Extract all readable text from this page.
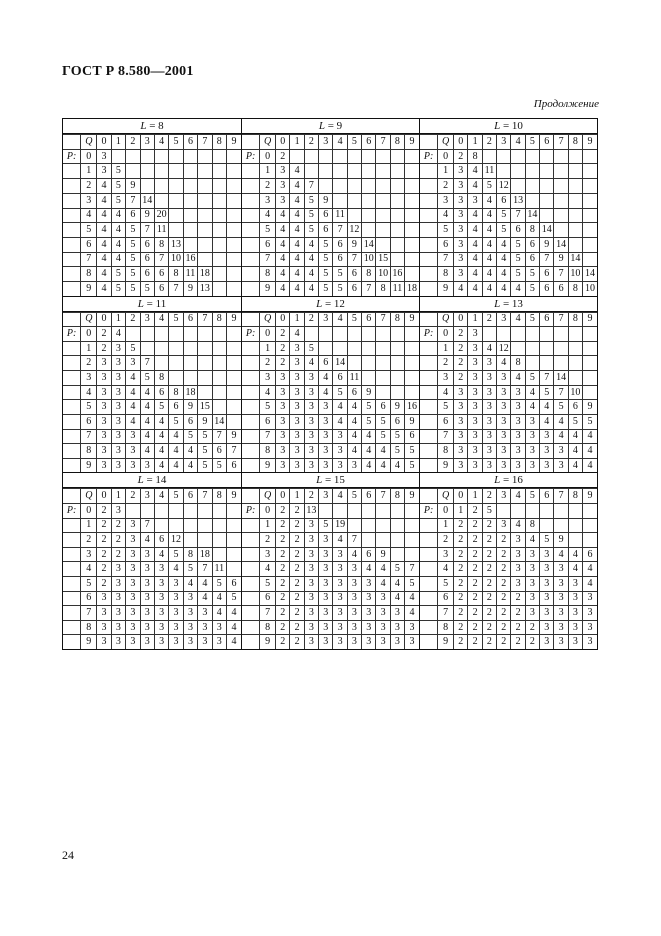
ГОСТ Р 8.580—2001
Продолжение
L = 8
	Q	0	1	2	3	4	5	6	7	8	9
P:	0	3									
	1	3	5								
	2	4	5	9							
	3	4	5	7	14						
	4	4	4	6	9	20					
	5	4	4	5	7	11					
	6	4	4	5	6	8	13				
	7	4	4	5	6	7	10	16			
	8	4	5	5	6	6	8	11	18		
	9	4	5	5	5	6	7	9	13		
L = 9
	Q	0	1	2	3	4	5	6	7	8	9
P:	0	2									
	1	3	4								
	2	3	4	7							
	3	3	4	5	9						
	4	4	4	5	6	11					
	5	4	4	5	6	7	12				
	6	4	4	4	5	6	9	14			
	7	4	4	4	5	6	7	10	15		
	8	4	4	4	5	5	6	8	10	16	
	9	4	4	4	5	5	6	7	8	11	18
L = 10
	Q	0	1	2	3	4	5	6	7	8	9
P:	0	2	8								
	1	3	4	11							
	2	3	4	5	12						
	3	3	3	4	6	13					
	4	3	4	4	5	7	14				
	5	3	4	4	5	6	8	14			
	6	3	4	4	4	5	6	9	14		
	7	3	4	4	4	5	6	7	9	14	
	8	3	4	4	4	5	5	6	7	10	14
	9	4	4	4	4	4	5	6	6	8	10
L = 11
	Q	0	1	2	3	4	5	6	7	8	9
P:	0	2	4								
	1	2	3	5							
	2	3	3	3	7						
	3	3	3	4	5	8					
	4	3	3	4	4	6	8	18			
	5	3	3	4	4	5	6	9	15		
	6	3	3	4	4	4	5	6	9	14	
	7	3	3	3	4	4	4	5	5	7	9
	8	3	3	3	4	4	4	4	5	6	7
	9	3	3	3	3	4	4	4	5	5	6
L = 12
	Q	0	1	2	3	4	5	6	7	8	9
P:	0	2	4								
	1	2	3	5							
	2	2	3	4	6	14					
	3	3	3	3	4	6	11				
	4	3	3	3	4	5	6	9			
	5	3	3	3	3	4	4	5	6	9	16
	6	3	3	3	3	4	4	5	5	6	9
	7	3	3	3	3	3	4	4	5	5	6
	8	3	3	3	3	3	4	4	4	5	5
	9	3	3	3	3	3	3	4	4	4	5
L = 13
	Q	0	1	2	3	4	5	6	7	8	9
P:	0	2	3								
	1	2	3	4	12						
	2	2	3	3	4	8					
	3	2	3	3	3	4	5	7	14		
	4	3	3	3	3	3	4	5	7	10	
	5	3	3	3	3	3	4	4	5	6	9
	6	3	3	3	3	3	3	4	4	5	5
	7	3	3	3	3	3	3	3	4	4	4
	8	3	3	3	3	3	3	3	3	4	4
	9	3	3	3	3	3	3	3	3	4	4
L = 14
	Q	0	1	2	3	4	5	6	7	8	9
P:	0	2	3								
	1	2	2	3	7						
	2	2	2	3	4	6	12				
	3	2	2	3	3	4	5	8	18		
	4	2	3	3	3	3	4	5	7	11	
	5	2	3	3	3	3	3	4	4	5	6
	6	3	3	3	3	3	3	3	4	4	5
	7	3	3	3	3	3	3	3	3	4	4
	8	3	3	3	3	3	3	3	3	3	4
	9	3	3	3	3	3	3	3	3	3	4
L = 15
	Q	0	1	2	3	4	5	6	7	8	9
P:	0	2	2	13							
	1	2	2	3	5	19					
	2	2	2	3	3	4	7				
	3	2	2	3	3	3	4	6	9		
	4	2	2	3	3	3	3	4	4	5	7
	5	2	2	3	3	3	3	3	4	4	5
	6	2	2	3	3	3	3	3	3	4	4
	7	2	2	3	3	3	3	3	3	3	4
	8	2	2	3	3	3	3	3	3	3	3
	9	2	2	3	3	3	3	3	3	3	3
L = 16
	Q	0	1	2	3	4	5	6	7	8	9
P:	0	1	2	5							
	1	2	2	2	3	4	8				
	2	2	2	2	2	3	4	5	9		
	3	2	2	2	2	3	3	3	4	4	6
	4	2	2	2	2	3	3	3	3	4	4
	5	2	2	2	2	3	3	3	3	3	4
	6	2	2	2	2	2	3	3	3	3	3
	7	2	2	2	2	2	3	3	3	3	3
	8	2	2	2	2	2	2	3	3	3	3
	9	2	2	2	2	2	2	3	3	3	3
24
